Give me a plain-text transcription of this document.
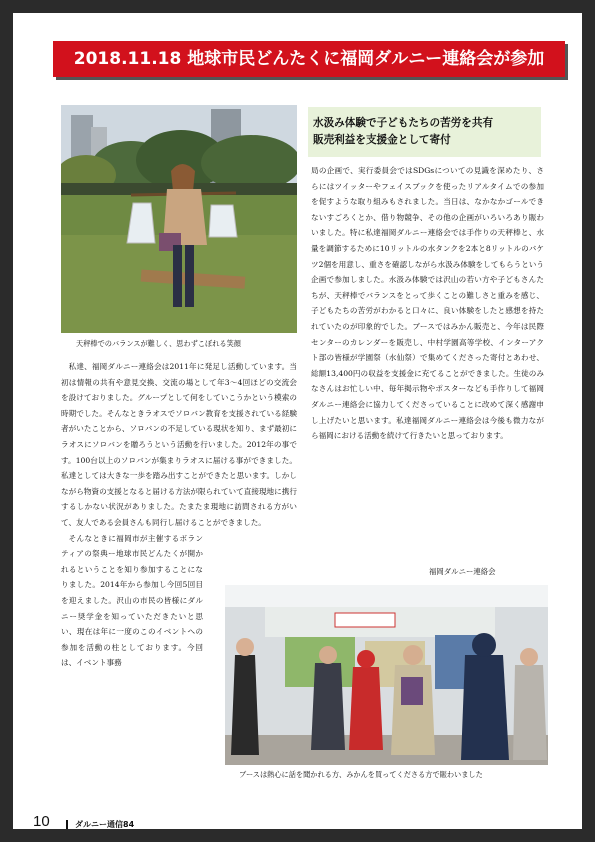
2018.11.18 地球市民どんたくに福岡ダルニー連絡会が参加
天秤棒でのバランスが難しく、思わずこぼれる笑顔

私達、福岡ダルニー連絡会は2011年に発足し活動しています。当初は情報の共有や意見交換、交流の場として年3～4回ほどの交流会を設けておりました。グループとして何をしていこうかという模索の時期でした。そんなときラオスでソロバン教育を支援されている経験者がいたことから、ソロバンの不足している現状を知り、まず最初にラオスにソロバンを贈ろうという活動を行いました。2012年の事です。100台以上のソロバンが集まりラオスに届ける事ができました。私達としては大きな一歩を踏み出すことができたと思います。しかしながら物資の支援となると届ける方法が限られていて直接現地に携行するしかない状況がありました。たまたま現地に訪問される方がいて、友人である会員さんも同行し届けることができました。

そんなときに福岡市が主催するボランティアの祭典ー地球市民どんたくが開かれるということを知り参加することになりました。2014年から参加し今回5回目を迎えました。沢山の市民の皆様にダルニー奨学金を知っていただきたいと思い、現在は年に一度のこのイベントへの参加を活動の柱としております。今回は、イベント事務

水汲み体験で子どもたちの苦労を共有
販売利益を支援金として寄付

局の企画で、実行委員会ではSDGsについての見識を深めたり、さらにはツイッターやフェイスブックを使ったリアルタイムでの参加を促すような取り組みもされました。当日は、なかなかゴールできないすごろくとか、借り物競争、その他の企画がいろいろあり賑わいました。特に私達福岡ダルニー連絡会では手作りの天秤棒と、水量を調節するために10リットルの水タンクを2本と8リットルのバケツ2個を用意し、重さを確認しながら水汲み体験をしてもらうという企画で参加しました。水汲み体験では沢山の若い方や子どもさんたちが、天秤棒でバランスをとって歩くことの難しさと重みを感じ、子どもたちの苦労がわかると口々に、良い体験をしたと感想を持たれていたのが印象的でした。ブースではみかん販売と、今年は民際センターのカレンダーを販売し、中村学園高等学校、インターアクト部の皆様が学園祭（水仙祭）で集めてくださった寄付とあわせ、総額13,400円の収益を支援金に充てることができました。生徒のみなさんはお忙しい中、毎年掲示物やポスターなども手作りして福岡ダルニー連絡会に協力してくださっていることに改めて深く感謝申し上げたいと思います。私達福岡ダルニー連絡会は今後も微力ながら福岡における活動を続けて行きたいと思っております。

福岡ダルニー連絡会
ブースは熱心に話を聞かれる方、みかんを買ってくださる方で賑わいました
10	ダルニー通信84
